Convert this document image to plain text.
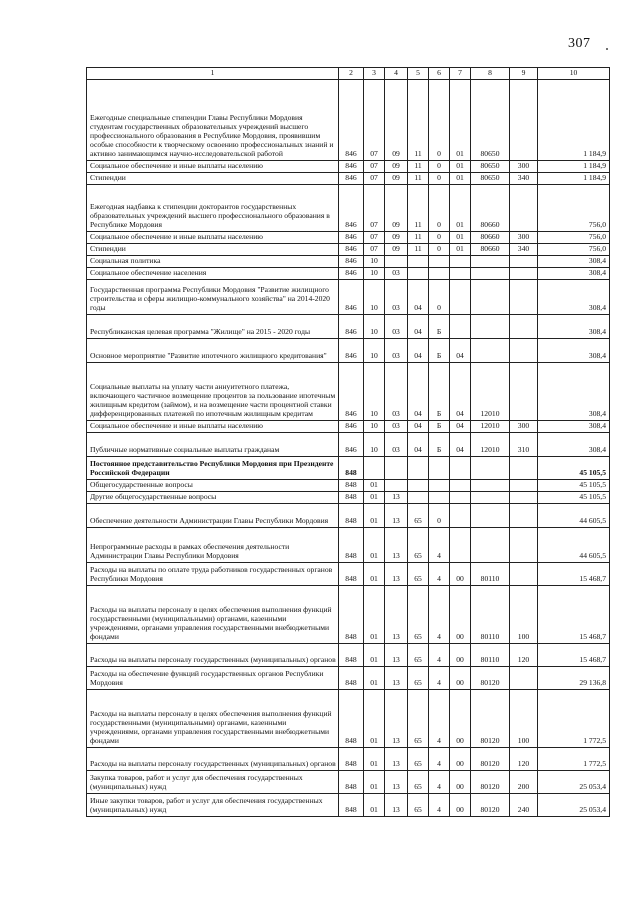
307
1	2	3	4	5	6	7	8	9	10
Ежегодные специальные стипендии Главы Республики Мордовия студентам государственных образовательных учреждений высшего профессионального образования в Республике Мордовия, проявившим особые способности к творческому освоению профессиональных знаний и активно занимающимся научно-исследовательской работой	846	07	09	11	0	01	80650		1 184,9
Социальное обеспечение и иные выплаты населению	846	07	09	11	0	01	80650	300	1 184,9
Стипендии	846	07	09	11	0	01	80650	340	1 184,9
Ежегодная надбавка к стипендии докторантов государственных образовательных учреждений высшего профессионального образования в Республике Мордовия	846	07	09	11	0	01	80660		756,0
Социальное обеспечение и иные выплаты населению	846	07	09	11	0	01	80660	300	756,0
Стипендии	846	07	09	11	0	01	80660	340	756,0
Социальная политика	846	10							308,4
Социальное обеспечение населения	846	10	03						308,4
Государственная программа Республики Мордовия "Развитие жилищного строительства и сферы жилищно-коммунального хозяйства" на 2014-2020 годы	846	10	03	04	0				308,4
Республиканская целевая программа "Жилище" на 2015 - 2020 годы	846	10	03	04	Б				308,4
Основное мероприятие "Развитие ипотечного жилищного кредитования"	846	10	03	04	Б	04			308,4
Социальные выплаты на уплату части аннуитетного платежа, включающего частичное возмещение процентов за пользование ипотечным жилищным кредитом (займом), и на возмещение части процентной ставки дифференцированных платежей по ипотечным жилищным кредитам	846	10	03	04	Б	04	12010		308,4
Социальное обеспечение и иные выплаты населению	846	10	03	04	Б	04	12010	300	308,4
Публичные нормативные социальные выплаты гражданам	846	10	03	04	Б	04	12010	310	308,4
Постоянное представительство Республики Мордовия при Президенте Российской Федерации	848								45 105,5
Общегосударственные вопросы	848	01							45 105,5
Другие общегосударственные вопросы	848	01	13						45 105,5
Обеспечение деятельности Администрации Главы Республики Мордовия	848	01	13	65	0				44 605,5
Непрограммные расходы в рамках обеспечения деятельности Администрации Главы Республики Мордовия	848	01	13	65	4				44 605,5
Расходы на выплаты по оплате труда работников государственных органов Республики Мордовия	848	01	13	65	4	00	80110		15 468,7
Расходы на выплаты персоналу в целях обеспечения выполнения функций государственными (муниципальными) органами, казенными учреждениями, органами управления государственными внебюджетными фондами	848	01	13	65	4	00	80110	100	15 468,7
Расходы на выплаты персоналу государственных (муниципальных) органов	848	01	13	65	4	00	80110	120	15 468,7
Расходы на обеспечение функций государственных органов Республики Мордовия	848	01	13	65	4	00	80120		29 136,8
Расходы на выплаты персоналу в целях обеспечения выполнения функций государственными (муниципальными) органами, казенными учреждениями, органами управления государственными внебюджетными фондами	848	01	13	65	4	00	80120	100	1 772,5
Расходы на выплаты персоналу государственных (муниципальных) органов	848	01	13	65	4	00	80120	120	1 772,5
Закупка товаров, работ и услуг для обеспечения государственных (муниципальных) нужд	848	01	13	65	4	00	80120	200	25 053,4
Иные закупки товаров, работ и услуг для обеспечения государственных (муниципальных) нужд	848	01	13	65	4	00	80120	240	25 053,4
